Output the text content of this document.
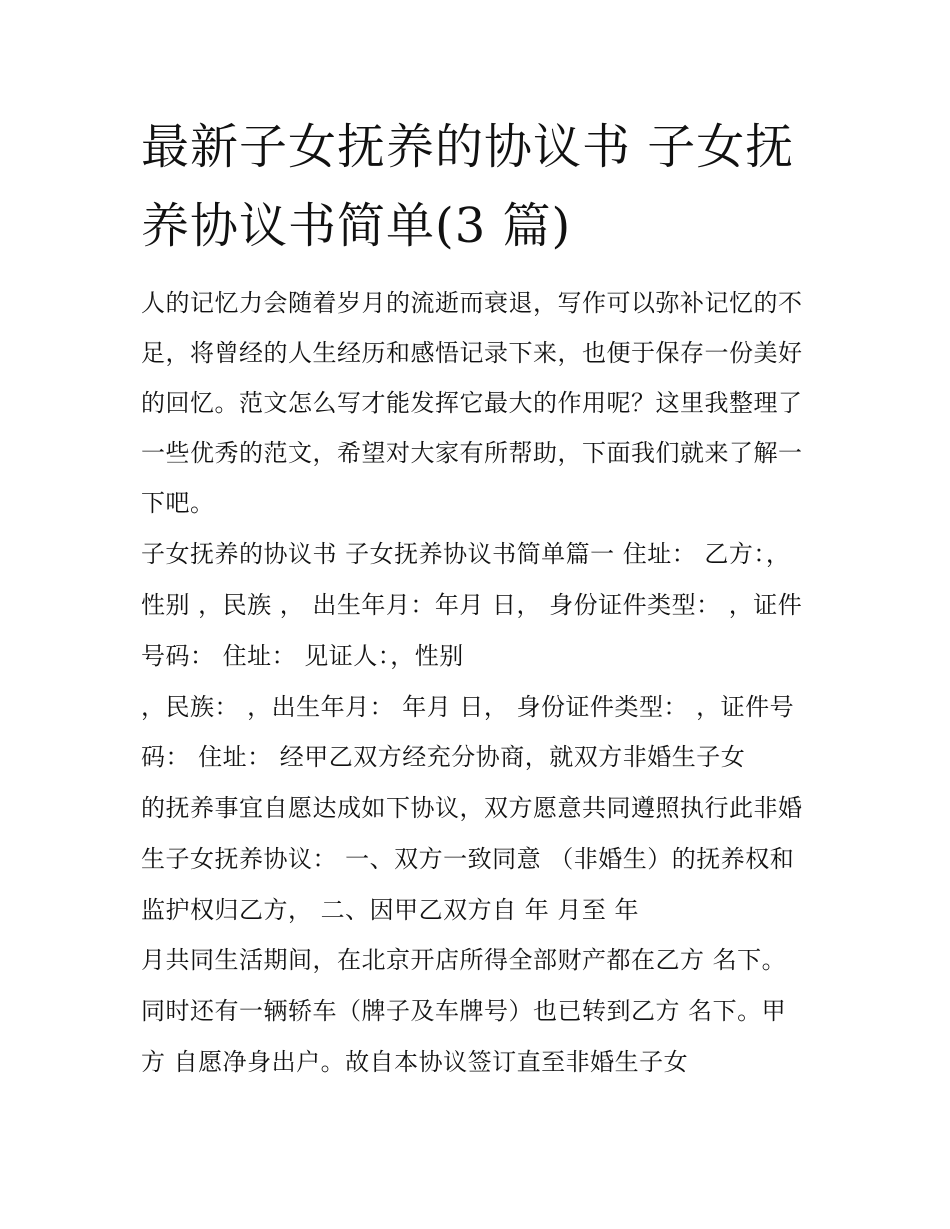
最新子女抚养的协议书 子女抚
养协议书简单(3 篇)
人的记忆力会随着岁月的流逝而衰退，写作可以弥补记忆的不
足，将曾经的人生经历和感悟记录下来，也便于保存一份美好
的回忆。范文怎么写才能发挥它最大的作用呢？这里我整理了
一些优秀的范文，希望对大家有所帮助，下面我们就来了解一
下吧。
子女抚养的协议书 子女抚养协议书简单篇一 住址： 乙方：，
性别 ，民族 ， 出生年月：年月 日， 身份证件类型： ，证件
号码： 住址： 见证人：，性别
，民族： ，出生年月： 年月 日， 身份证件类型： ，证件号
码： 住址： 经甲乙双方经充分协商，就双方非婚生子女
的抚养事宜自愿达成如下协议，双方愿意共同遵照执行此非婚
生子女抚养协议： 一、双方一致同意 （非婚生）的抚养权和
监护权归乙方， 二、因甲乙双方自 年 月至 年
月共同生活期间，在北京开店所得全部财产都在乙方 名下。
同时还有一辆轿车（牌子及车牌号）也已转到乙方 名下。甲
方 自愿净身出户。故自本协议签订直至非婚生子女
